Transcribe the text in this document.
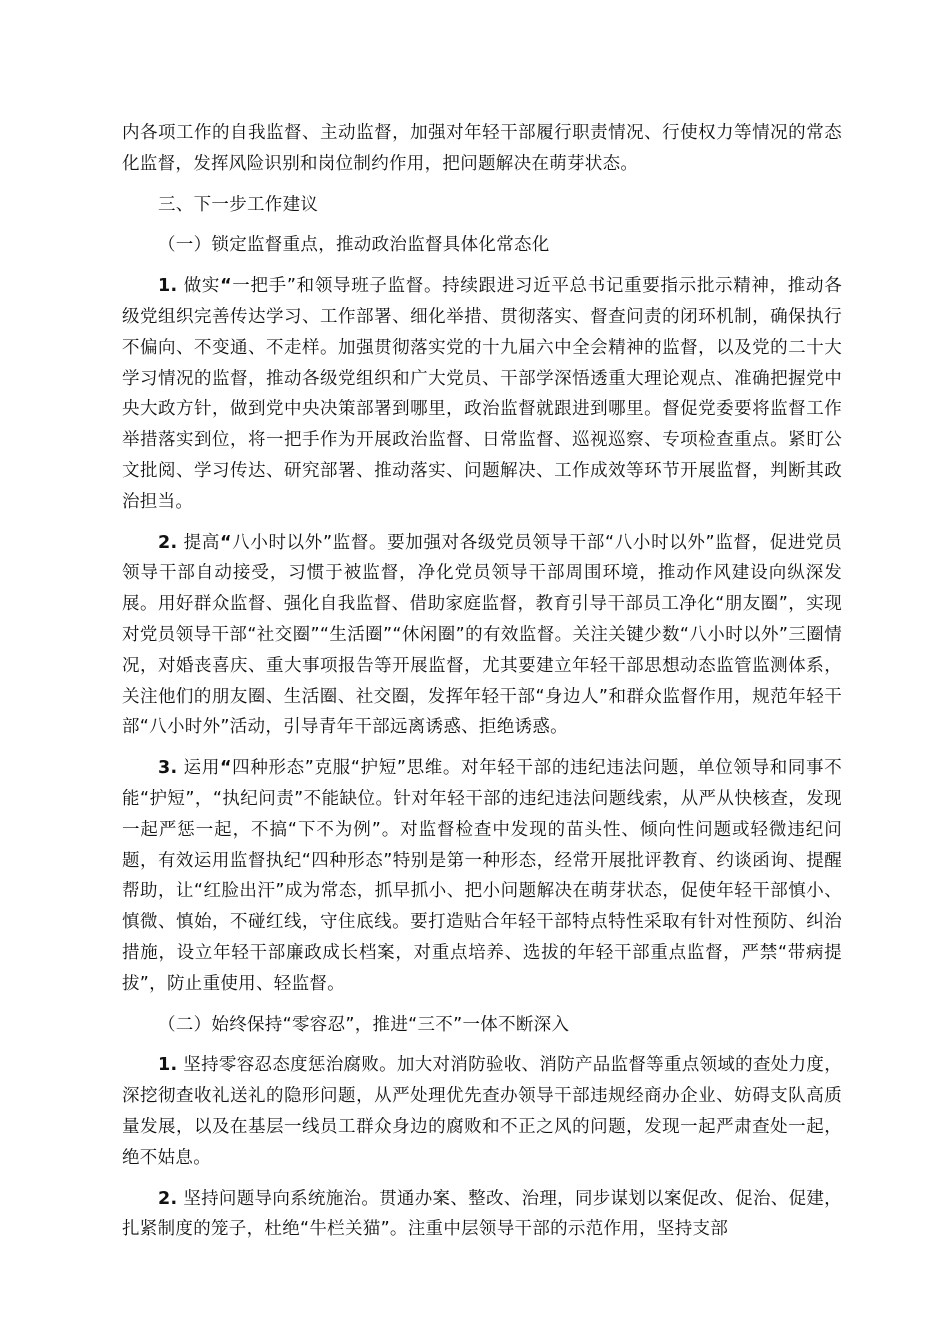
内各项工作的自我监督、主动监督，加强对年轻干部履行职责情况、行使权力等情况的常态化监督，发挥风险识别和岗位制约作用，把问题解决在萌芽状态。

三、下一步工作建议

（一）锁定监督重点，推动政治监督具体化常态化

1. 做实“一把手”和领导班子监督。持续跟进习近平总书记重要指示批示精神，推动各级党组织完善传达学习、工作部署、细化举措、贯彻落实、督查问责的闭环机制，确保执行不偏向、不变通、不走样。加强贯彻落实党的十九届六中全会精神的监督，以及党的二十大学习情况的监督，推动各级党组织和广大党员、干部学深悟透重大理论观点、准确把握党中央大政方针，做到党中央决策部署到哪里，政治监督就跟进到哪里。督促党委要将监督工作举措落实到位，将一把手作为开展政治监督、日常监督、巡视巡察、专项检查重点。紧盯公文批阅、学习传达、研究部署、推动落实、问题解决、工作成效等环节开展监督，判断其政治担当。

2. 提高“八小时以外”监督。要加强对各级党员领导干部“八小时以外”监督，促进党员领导干部自动接受，习惯于被监督，净化党员领导干部周围环境，推动作风建设向纵深发展。用好群众监督、强化自我监督、借助家庭监督，教育引导干部员工净化“朋友圈”，实现对党员领导干部“社交圈”“生活圈”“休闲圈”的有效监督。关注关键少数“八小时以外”三圈情况，对婚丧喜庆、重大事项报告等开展监督，尤其要建立年轻干部思想动态监管监测体系，关注他们的朋友圈、生活圈、社交圈，发挥年轻干部“身边人”和群众监督作用，规范年轻干部“八小时外”活动，引导青年干部远离诱惑、拒绝诱惑。

3. 运用“四种形态”克服“护短”思维。对年轻干部的违纪违法问题，单位领导和同事不能“护短”，“执纪问责”不能缺位。针对年轻干部的违纪违法问题线索，从严从快核查，发现一起严惩一起，不搞“下不为例”。对监督检查中发现的苗头性、倾向性问题或轻微违纪问题，有效运用监督执纪“四种形态”特别是第一种形态，经常开展批评教育、约谈函询、提醒帮助，让“红脸出汗”成为常态，抓早抓小、把小问题解决在萌芽状态，促使年轻干部慎小、慎微、慎始，不碰红线，守住底线。要打造贴合年轻干部特点特性采取有针对性预防、纠治措施，设立年轻干部廉政成长档案，对重点培养、选拔的年轻干部重点监督，严禁“带病提拔”，防止重使用、轻监督。

（二）始终保持“零容忍”，推进“三不”一体不断深入

1. 坚持零容忍态度惩治腐败。加大对消防验收、消防产品监督等重点领域的查处力度，深挖彻查收礼送礼的隐形问题，从严处理优先查办领导干部违规经商办企业、妨碍支队高质量发展，以及在基层一线员工群众身边的腐败和不正之风的问题，发现一起严肃查处一起，绝不姑息。

2. 坚持问题导向系统施治。贯通办案、整改、治理，同步谋划以案促改、促治、促建，扎紧制度的笼子，杜绝“牛栏关猫”。注重中层领导干部的示范作用，坚持支部
